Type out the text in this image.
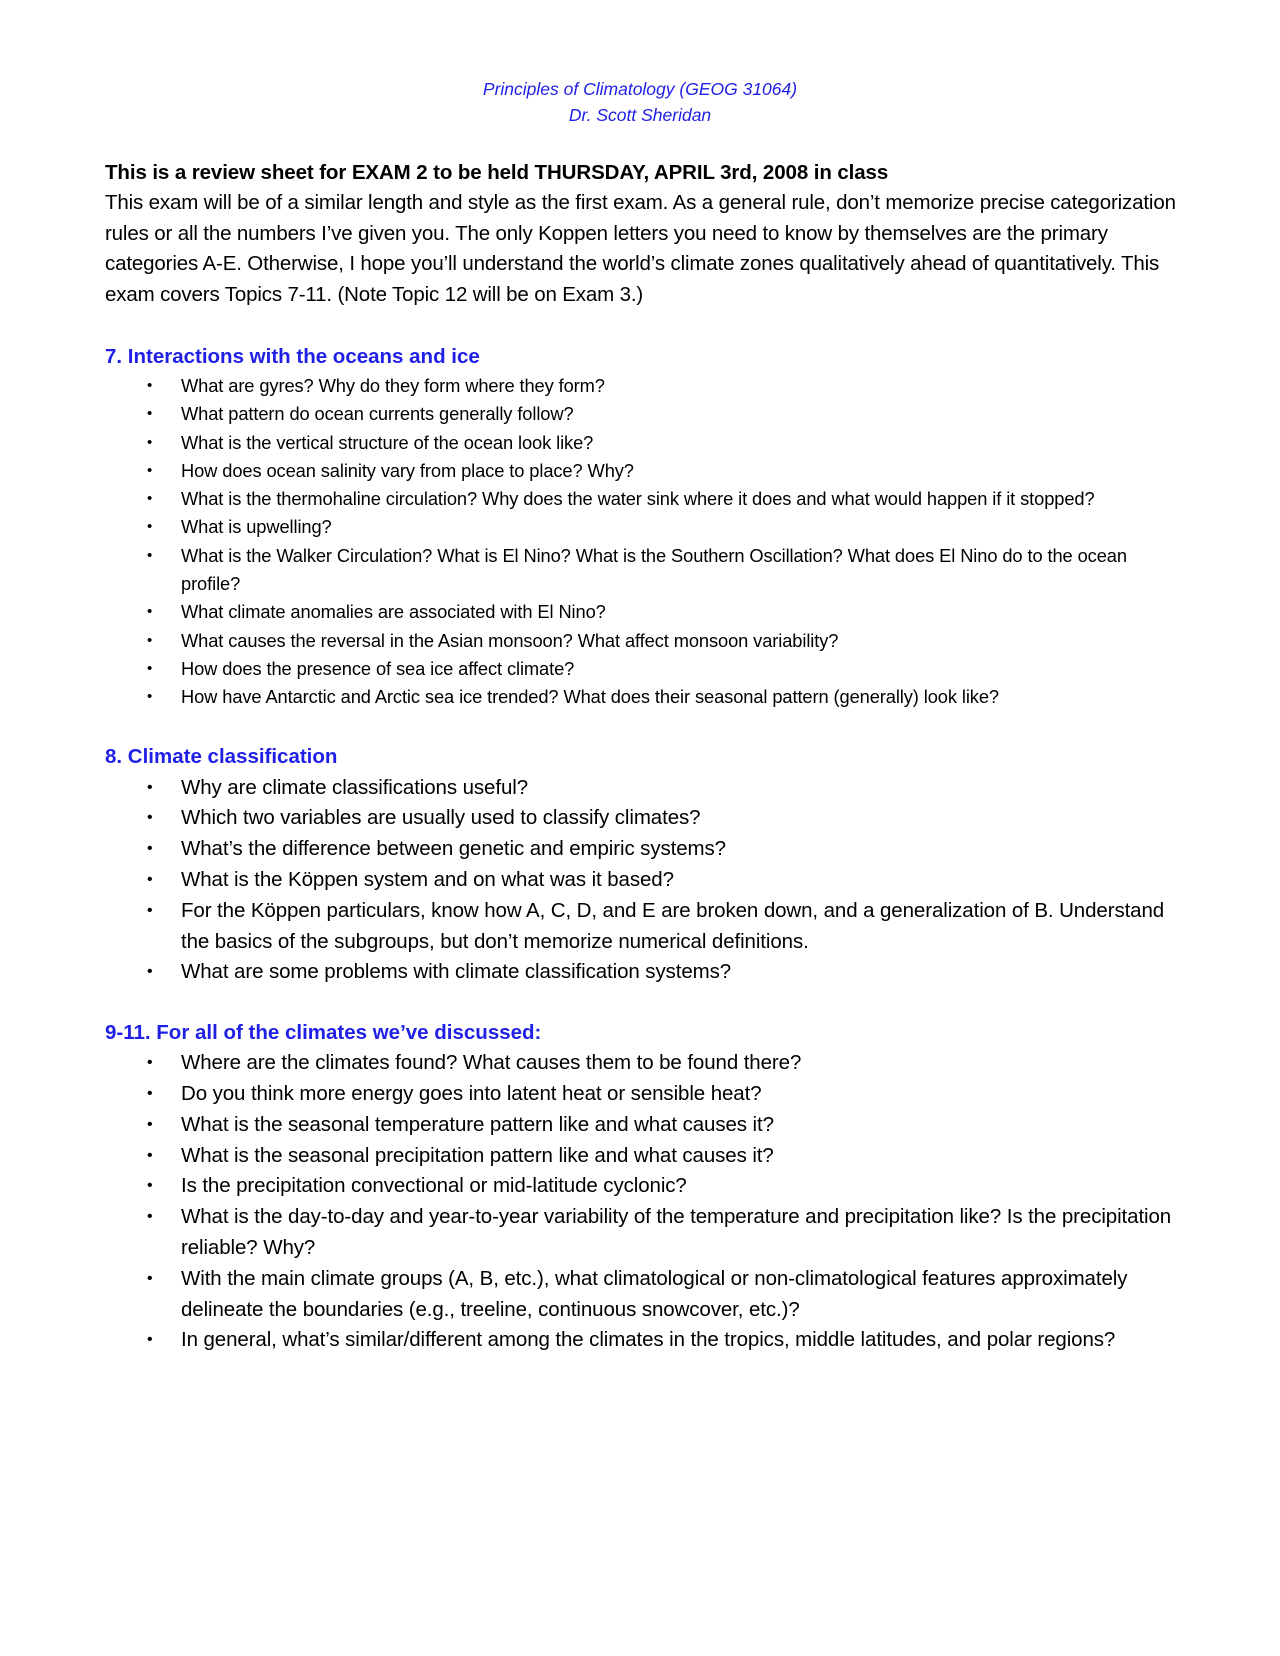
Principles of Climatology (GEOG 31064)
Dr. Scott Sheridan
This is a review sheet for EXAM 2 to be held THURSDAY, APRIL 3rd, 2008 in class
This exam will be of a similar length and style as the first exam. As a general rule, don’t memorize precise categorization rules or all the numbers I’ve given you. The only Koppen letters you need to know by themselves are the primary categories A-E. Otherwise, I hope you’ll understand the world’s climate zones qualitatively ahead of quantitatively. This exam covers Topics 7-11. (Note Topic 12 will be on Exam 3.)
7. Interactions with the oceans and ice
• What are gyres? Why do they form where they form?
• What pattern do ocean currents generally follow?
• What is the vertical structure of the ocean look like?
• How does ocean salinity vary from place to place? Why?
• What is the thermohaline circulation? Why does the water sink where it does and what would happen if it stopped?
• What is upwelling?
• What is the Walker Circulation? What is El Nino? What is the Southern Oscillation? What does El Nino do to the ocean profile?
• What climate anomalies are associated with El Nino?
• What causes the reversal in the Asian monsoon? What affect monsoon variability?
• How does the presence of sea ice affect climate?
• How have Antarctic and Arctic sea ice trended? What does their seasonal pattern (generally) look like?
8. Climate classification
• Why are climate classifications useful?
• Which two variables are usually used to classify climates?
• What’s the difference between genetic and empiric systems?
• What is the Köppen system and on what was it based?
• For the Köppen particulars, know how A, C, D, and E are broken down, and a generalization of B. Understand the basics of the subgroups, but don’t memorize numerical definitions.
• What are some problems with climate classification systems?
9-11. For all of the climates we’ve discussed:
• Where are the climates found? What causes them to be found there?
• Do you think more energy goes into latent heat or sensible heat?
• What is the seasonal temperature pattern like and what causes it?
• What is the seasonal precipitation pattern like and what causes it?
• Is the precipitation convectional or mid-latitude cyclonic?
• What is the day-to-day and year-to-year variability of the temperature and precipitation like? Is the precipitation reliable? Why?
• With the main climate groups (A, B, etc.), what climatological or non-climatological features approximately delineate the boundaries (e.g., treeline, continuous snowcover, etc.)?
• In general, what’s similar/different among the climates in the tropics, middle latitudes, and polar regions?
